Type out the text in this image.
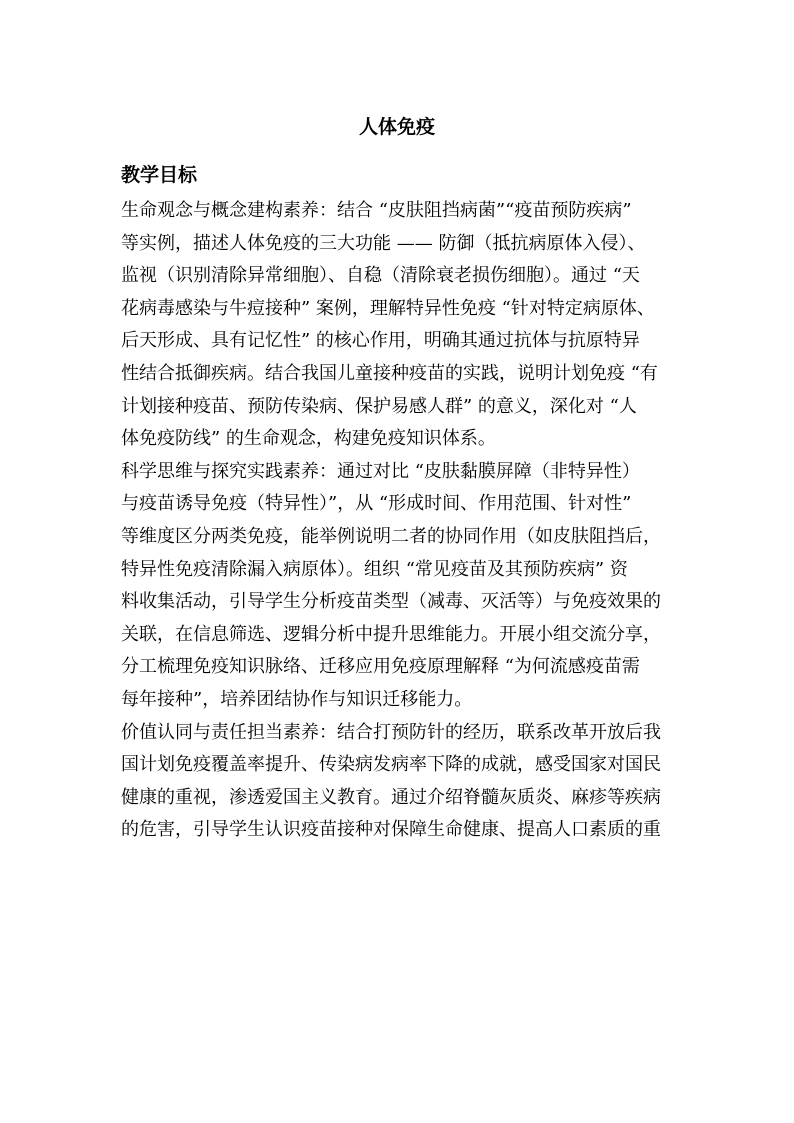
人体免疫
教学目标
生命观念与概念建构素养：结合 “皮肤阻挡病菌”“疫苗预防疾病”
等实例，描述人体免疫的三大功能 —— 防御（抵抗病原体入侵）、
监视（识别清除异常细胞）、自稳（清除衰老损伤细胞）。通过 “天
花病毒感染与牛痘接种” 案例，理解特异性免疫 “针对特定病原体、
后天形成、具有记忆性” 的核心作用，明确其通过抗体与抗原特异
性结合抵御疾病。结合我国儿童接种疫苗的实践，说明计划免疫 “有
计划接种疫苗、预防传染病、保护易感人群” 的意义，深化对 “人
体免疫防线” 的生命观念，构建免疫知识体系。
科学思维与探究实践素养：通过对比 “皮肤黏膜屏障（非特异性）
与疫苗诱导免疫（特异性）”，从 “形成时间、作用范围、针对性”
等维度区分两类免疫，能举例说明二者的协同作用（如皮肤阻挡后，
特异性免疫清除漏入病原体）。组织 “常见疫苗及其预防疾病” 资
料收集活动，引导学生分析疫苗类型（减毒、灭活等）与免疫效果的
关联，在信息筛选、逻辑分析中提升思维能力。开展小组交流分享，
分工梳理免疫知识脉络、迁移应用免疫原理解释 “为何流感疫苗需
每年接种”，培养团结协作与知识迁移能力。
价值认同与责任担当素养：结合打预防针的经历，联系改革开放后我
国计划免疫覆盖率提升、传染病发病率下降的成就，感受国家对国民
健康的重视，渗透爱国主义教育。通过介绍脊髓灰质炎、麻疹等疾病
的危害，引导学生认识疫苗接种对保障生命健康、提高人口素质的重
